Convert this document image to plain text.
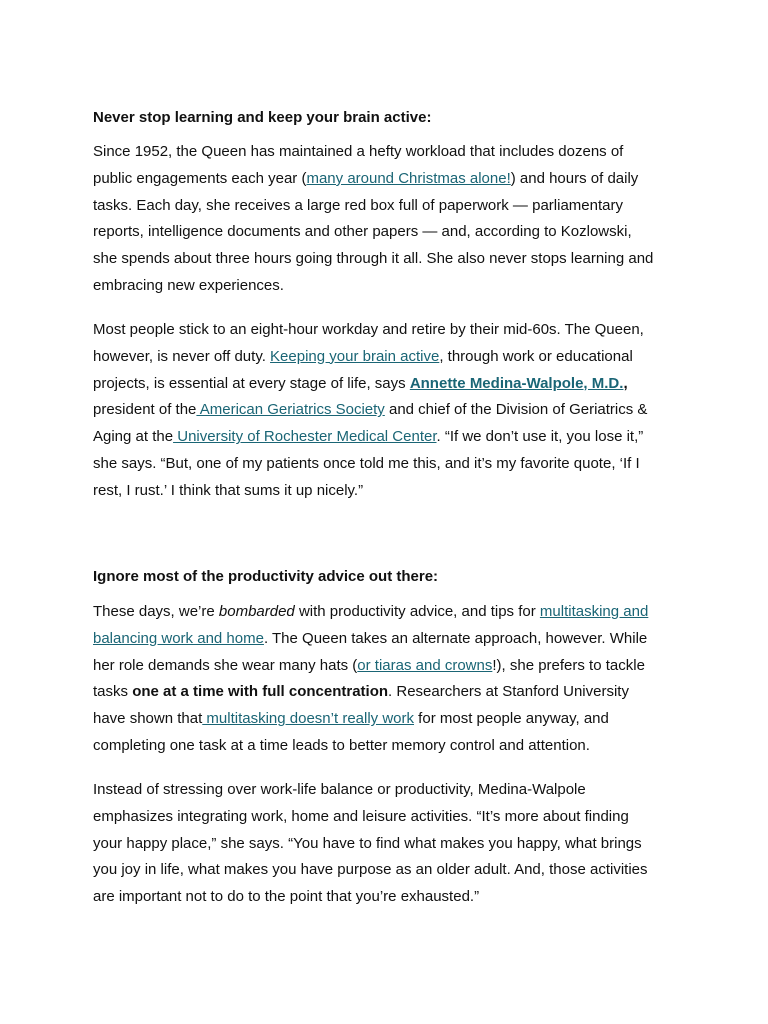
Never stop learning and keep your brain active:

Since 1952, the Queen has maintained a hefty workload that includes dozens of
public engagements each year (many around Christmas alone!) and hours of daily
tasks. Each day, she receives a large red box full of paperwork — parliamentary
reports, intelligence documents and other papers — and, according to Kozlowski,
she spends about three hours going through it all. She also never stops learning and
embracing new experiences.

Most people stick to an eight-hour workday and retire by their mid-60s. The Queen,
however, is never off duty. Keeping your brain active, through work or educational
projects, is essential at every stage of life, says Annette Medina-Walpole, M.D.,
president of the American Geriatrics Society and chief of the Division of Geriatrics &
Aging at the University of Rochester Medical Center. “If we don’t use it, you lose it,”
she says. “But, one of my patients once told me this, and it’s my favorite quote, ‘If I
rest, I rust.’ I think that sums it up nicely.”

Ignore most of the productivity advice out there:

These days, we’re bombarded with productivity advice, and tips for multitasking and
balancing work and home. The Queen takes an alternate approach, however. While
her role demands she wear many hats (or tiaras and crowns!), she prefers to tackle
tasks one at a time with full concentration. Researchers at Stanford University
have shown that multitasking doesn’t really work for most people anyway, and
completing one task at a time leads to better memory control and attention.

Instead of stressing over work-life balance or productivity, Medina-Walpole
emphasizes integrating work, home and leisure activities. “It’s more about finding
your happy place,” she says. “You have to find what makes you happy, what brings
you joy in life, what makes you have purpose as an older adult. And, those activities
are important not to do to the point that you’re exhausted.”
